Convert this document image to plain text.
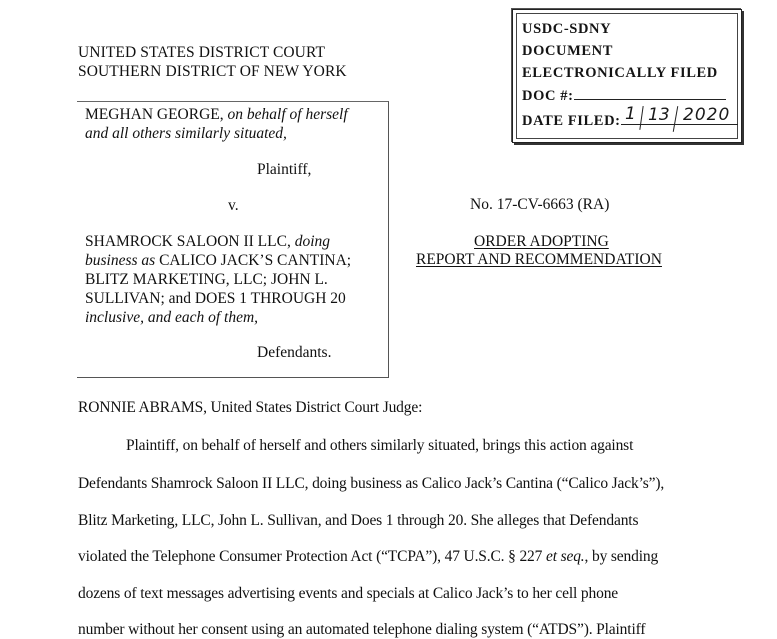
USDC-SDNY
DOCUMENT
ELECTRONICALLY FILED
DOC #:
DATE FILED: 1 13 2020
UNITED STATES DISTRICT COURT
SOUTHERN DISTRICT OF NEW YORK
MEGHAN GEORGE, on behalf of herself
and all others similarly situated,
Plaintiff,
v.
SHAMROCK SALOON II LLC, doing
business as CALICO JACK’S CANTINA;
BLITZ MARKETING, LLC; JOHN L.
SULLIVAN; and DOES 1 THROUGH 20
inclusive, and each of them,
Defendants.
No. 17-CV-6663 (RA)
ORDER ADOPTING
REPORT AND RECOMMENDATION
RONNIE ABRAMS, United States District Court Judge:
Plaintiff, on behalf of herself and others similarly situated, brings this action against
Defendants Shamrock Saloon II LLC, doing business as Calico Jack’s Cantina (“Calico Jack’s”),
Blitz Marketing, LLC, John L. Sullivan, and Does 1 through 20. She alleges that Defendants
violated the Telephone Consumer Protection Act (“TCPA”), 47 U.S.C. § 227 et seq., by sending
dozens of text messages advertising events and specials at Calico Jack’s to her cell phone
number without her consent using an automated telephone dialing system (“ATDS”). Plaintiff
